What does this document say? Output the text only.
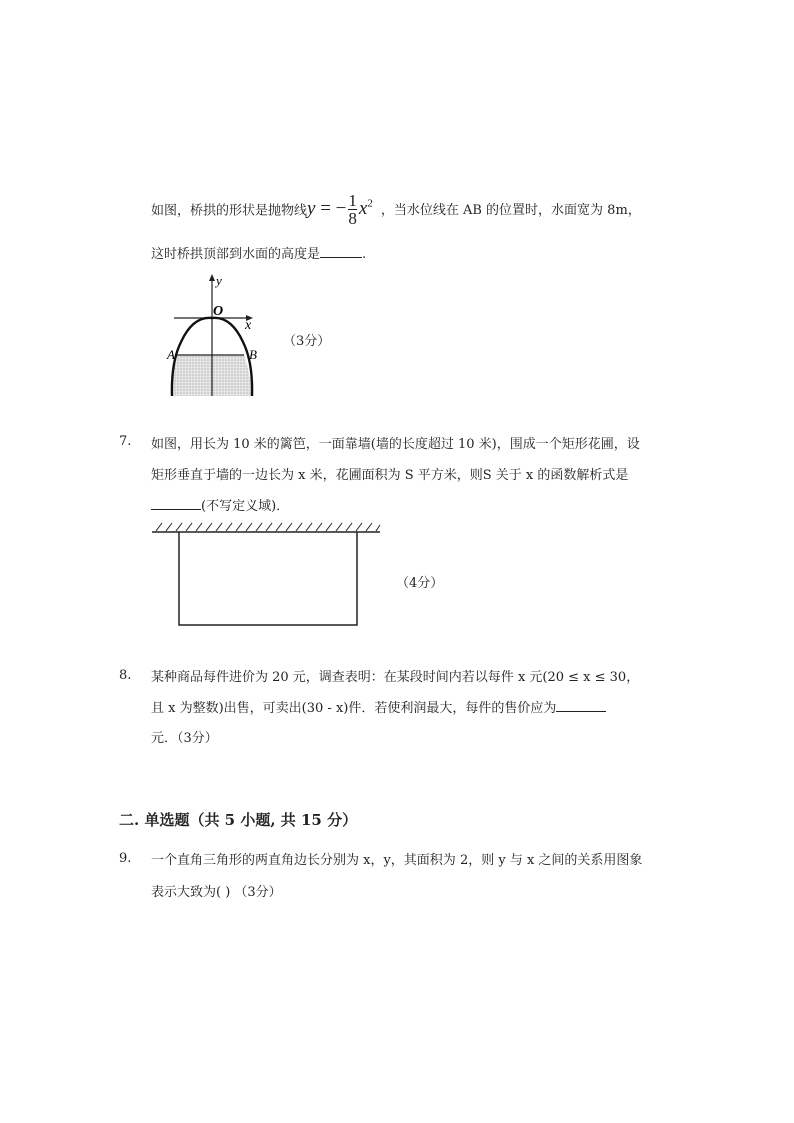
如图，桥拱的形状是抛物线y = − $\frac{1}{8} x^2$ ，当水位线在 AB 的位置时，水面宽为 8m，
这时桥拱顶部到水面的高度是	.
y
O
x
A	B
（3分）
7. 如图，用长为 10 米的篱笆，一面靠墙(墙的长度超过 10 米)，围成一个矩形花圃，设
矩形垂直于墙的一边长为 x 米，花圃面积为 S 平方米，则S 关于 x 的函数解析式是
(不写定义域)．
（4分）
8. 某种商品每件进价为 20 元，调查表明：在某段时间内若以每件 x 元(20 ≤ x ≤ 30，
且 x 为整数)出售，可卖出(30 - x)件．若使利润最大，每件的售价应为
元．（3分）
二. 单选题（共 5 小题, 共 15 分）
9. 一个直角三角形的两直角边长分别为 x，y，其面积为 2，则 y 与 x 之间的关系用图象
表示大致为( ) （3分）
